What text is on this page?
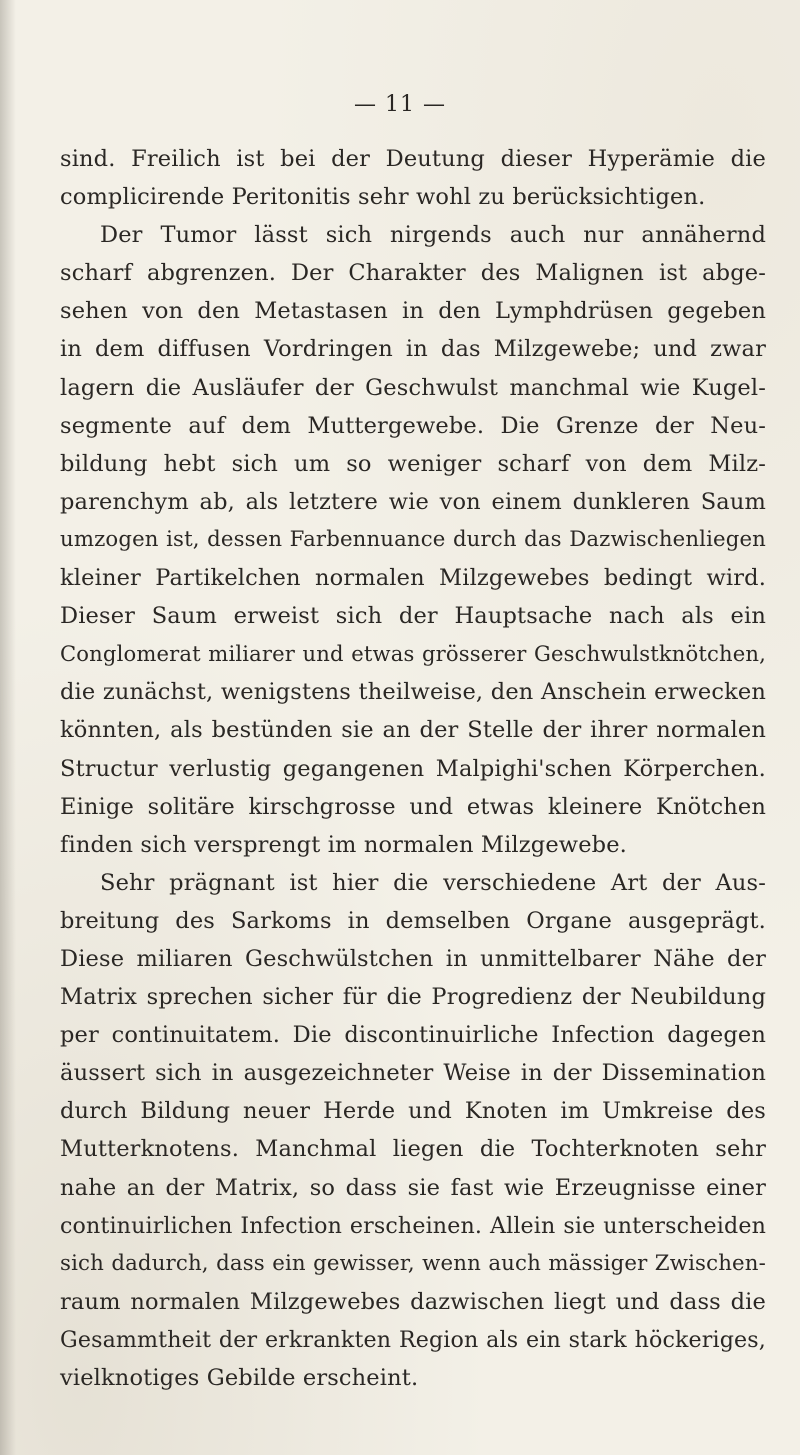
— 11 —
sind. Freilich ist bei der Deutung dieser Hyperämie die
complicirende Peritonitis sehr wohl zu berücksichtigen.
Der Tumor lässt sich nirgends auch nur annähernd
scharf abgrenzen. Der Charakter des Malignen ist abge-
sehen von den Metastasen in den Lymphdrüsen gegeben
in dem diffusen Vordringen in das Milzgewebe; und zwar
lagern die Ausläufer der Geschwulst manchmal wie Kugel-
segmente auf dem Muttergewebe. Die Grenze der Neu-
bildung hebt sich um so weniger scharf von dem Milz-
parenchym ab, als letztere wie von einem dunkleren Saum
umzogen ist, dessen Farbennuance durch das Dazwischenliegen
kleiner Partikelchen normalen Milzgewebes bedingt wird.
Dieser Saum erweist sich der Hauptsache nach als ein
Conglomerat miliarer und etwas grösserer Geschwulstknötchen,
die zunächst, wenigstens theilweise, den Anschein erwecken
könnten, als bestünden sie an der Stelle der ihrer normalen
Structur verlustig gegangenen Malpighi'schen Körperchen.
Einige solitäre kirschgrosse und etwas kleinere Knötchen
finden sich versprengt im normalen Milzgewebe.
Sehr prägnant ist hier die verschiedene Art der Aus-
breitung des Sarkoms in demselben Organe ausgeprägt.
Diese miliaren Geschwülstchen in unmittelbarer Nähe der
Matrix sprechen sicher für die Progredienz der Neubildung
per continuitatem. Die discontinuirliche Infection dagegen
äussert sich in ausgezeichneter Weise in der Dissemination
durch Bildung neuer Herde und Knoten im Umkreise des
Mutterknotens. Manchmal liegen die Tochterknoten sehr
nahe an der Matrix, so dass sie fast wie Erzeugnisse einer
continuirlichen Infection erscheinen. Allein sie unterscheiden
sich dadurch, dass ein gewisser, wenn auch mässiger Zwischen-
raum normalen Milzgewebes dazwischen liegt und dass die
Gesammtheit der erkrankten Region als ein stark höckeriges,
vielknotiges Gebilde erscheint.
